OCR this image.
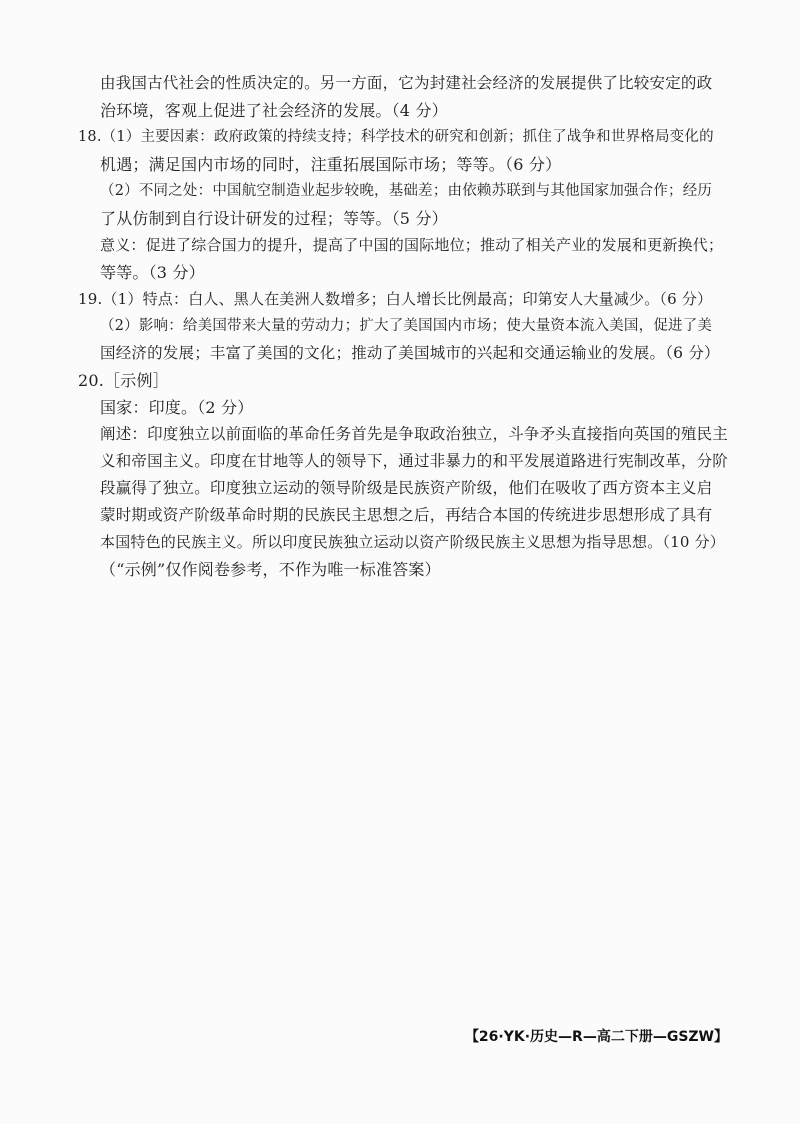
由我国古代社会的性质决定的。另一方面，它为封建社会经济的发展提供了比较安定的政
治环境，客观上促进了社会经济的发展。（4 分）
18.（1）主要因素：政府政策的持续支持；科学技术的研究和创新；抓住了战争和世界格局变化的
机遇；满足国内市场的同时，注重拓展国际市场；等等。（6 分）
（2）不同之处：中国航空制造业起步较晚，基础差；由依赖苏联到与其他国家加强合作；经历
了从仿制到自行设计研发的过程；等等。（5 分）
意义：促进了综合国力的提升，提高了中国的国际地位；推动了相关产业的发展和更新换代；
等等。（3 分）
19.（1）特点：白人、黑人在美洲人数增多；白人增长比例最高；印第安人大量减少。（6 分）
（2）影响：给美国带来大量的劳动力；扩大了美国国内市场；使大量资本流入美国，促进了美
国经济的发展；丰富了美国的文化；推动了美国城市的兴起和交通运输业的发展。（6 分）
20.［示例］
国家：印度。（2 分）
阐述：印度独立以前面临的革命任务首先是争取政治独立，斗争矛头直接指向英国的殖民主
义和帝国主义。印度在甘地等人的领导下，通过非暴力的和平发展道路进行宪制改革，分阶
段赢得了独立。印度独立运动的领导阶级是民族资产阶级，他们在吸收了西方资本主义启
蒙时期或资产阶级革命时期的民族民主思想之后，再结合本国的传统进步思想形成了具有
本国特色的民族主义。所以印度民族独立运动以资产阶级民族主义思想为指导思想。（10 分）
（“示例”仅作阅卷参考，不作为唯一标准答案）
【26·YK·历史—R—高二下册—GSZW】
